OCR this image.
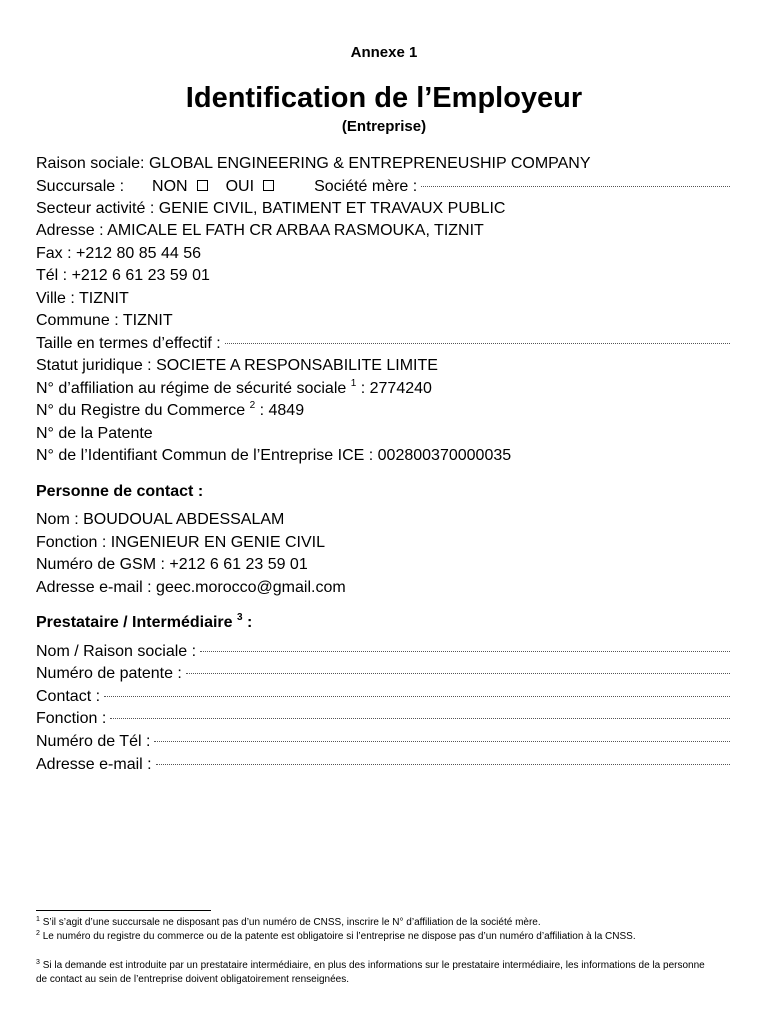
Annexe 1
Identification de l’Employeur
(Entreprise)
Raison sociale: GLOBAL ENGINEERING & ENTREPRENEUSHIP COMPANY
Succursale : NON OUI	Société mère :
Secteur activité : GENIE CIVIL, BATIMENT ET TRAVAUX PUBLIC
Adresse : AMICALE EL FATH CR ARBAA RASMOUKA, TIZNIT
Fax : +212 80 85 44 56
Tél : +212 6 61 23 59 01
Ville : TIZNIT
Commune : TIZNIT
Taille en termes d’effectif :
Statut juridique : SOCIETE A RESPONSABILITE LIMITE
N° d’affiliation au régime de sécurité sociale $^1$ : 2774240
N° du Registre du Commerce $^2$ : 4849
N° de la Patente
N° de l’Identifiant Commun de l’Entreprise ICE : 002800370000035
Personne de contact :
Nom : BOUDOUAL ABDESSALAM
Fonction : INGENIEUR EN GENIE CIVIL
Numéro de GSM : +212 6 61 23 59 01
Adresse e-mail : geec.morocco@gmail.com
Prestataire / Intermédiaire $^3$ :
Nom / Raison sociale :
Numéro de patente :
Contact :
Fonction :
Numéro de Tél :
Adresse e-mail :
$^1$ S’il s’agit d’une succursale ne disposant pas d’un numéro de CNSS, inscrire le N° d’affiliation de la société mère.
$^2$ Le numéro du registre du commerce ou de la patente est obligatoire si l’entreprise ne dispose pas d’un numéro d’affiliation à la CNSS.
$^3$ Si la demande est introduite par un prestataire intermédiaire, en plus des informations sur le prestataire intermédiaire, les informations de la personne de contact au sein de l’entreprise doivent obligatoirement renseignées.
